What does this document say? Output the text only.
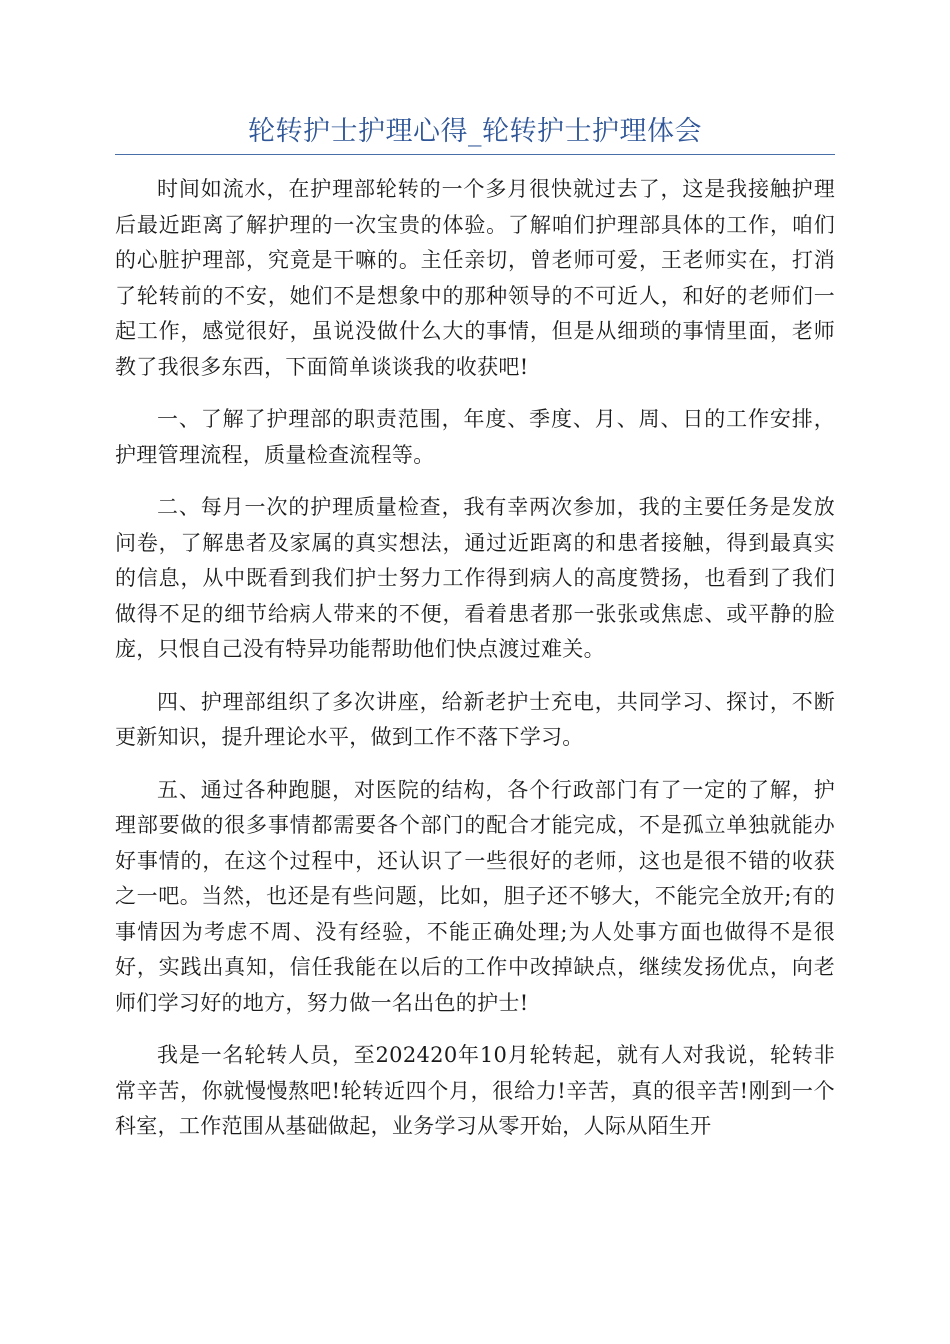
轮转护士护理心得_轮转护士护理体会

时间如流水，在护理部轮转的一个多月很快就过去了，这是我接触护理后最近距离了解护理的一次宝贵的体验。了解咱们护理部具体的工作，咱们的心脏护理部，究竟是干嘛的。主任亲切，曾老师可爱，王老师实在，打消了轮转前的不安，她们不是想象中的那种领导的不可近人，和好的老师们一起工作，感觉很好，虽说没做什么大的事情，但是从细琐的事情里面，老师教了我很多东西，下面简单谈谈我的收获吧!

一、了解了护理部的职责范围，年度、季度、月、周、日的工作安排，护理管理流程，质量检查流程等。

二、每月一次的护理质量检查，我有幸两次参加，我的主要任务是发放问卷，了解患者及家属的真实想法，通过近距离的和患者接触，得到最真实的信息，从中既看到我们护士努力工作得到病人的高度赞扬，也看到了我们做得不足的细节给病人带来的不便，看着患者那一张张或焦虑、或平静的脸庞，只恨自己没有特异功能帮助他们快点渡过难关。

四、护理部组织了多次讲座，给新老护士充电，共同学习、探讨，不断更新知识，提升理论水平，做到工作不落下学习。

五、通过各种跑腿，对医院的结构，各个行政部门有了一定的了解，护理部要做的很多事情都需要各个部门的配合才能完成，不是孤立单独就能办好事情的，在这个过程中，还认识了一些很好的老师，这也是很不错的收获之一吧。当然，也还是有些问题，比如，胆子还不够大，不能完全放开;有的事情因为考虑不周、没有经验，不能正确处理;为人处事方面也做得不是很好，实践出真知，信任我能在以后的工作中改掉缺点，继续发扬优点，向老师们学习好的地方，努力做一名出色的护士!

我是一名轮转人员，至202420年10月轮转起，就有人对我说，轮转非常辛苦，你就慢慢熬吧!轮转近四个月，很给力!辛苦，真的很辛苦!刚到一个科室，工作范围从基础做起，业务学习从零开始，人际从陌生开
